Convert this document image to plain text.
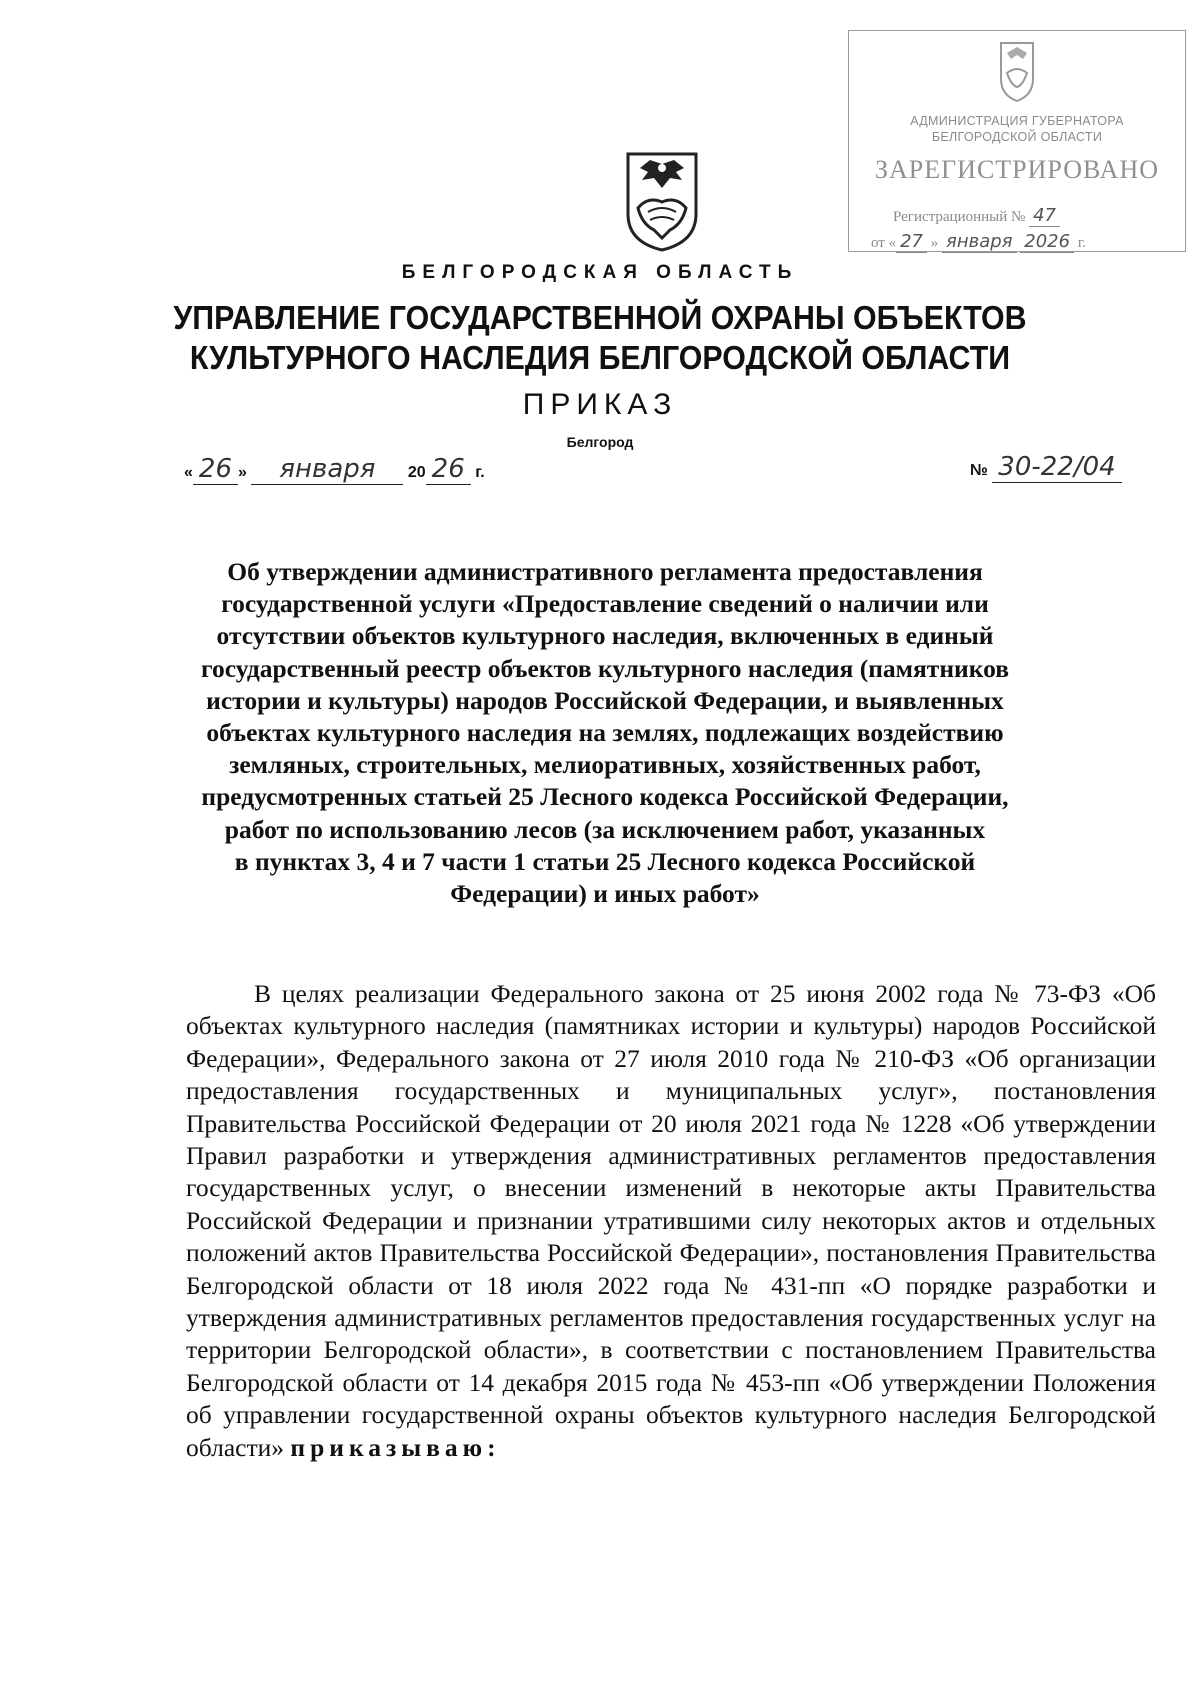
АДМИНИСТРАЦИЯ ГУБЕРНАТОРА
БЕЛГОРОДСКОЙ ОБЛАСТИ
ЗАРЕГИСТРИРОВАНО
Регистрационный № 47
от « 27 » января 2026 г.
БЕЛГОРОДСКАЯ ОБЛАСТЬ
УПРАВЛЕНИЕ ГОСУДАРСТВЕННОЙ ОХРАНЫ ОБЪЕКТОВ
КУЛЬТУРНОГО НАСЛЕДИЯ БЕЛГОРОДСКОЙ ОБЛАСТИ
ПРИКАЗ
Белгород
« 26 » января 20 26 г.	№ 30-22/04
Об утверждении административного регламента предоставления
государственной услуги «Предоставление сведений о наличии или
отсутствии объектов культурного наследия, включенных в единый
государственный реестр объектов культурного наследия (памятников
истории и культуры) народов Российской Федерации, и выявленных
объектах культурного наследия на землях, подлежащих воздействию
земляных, строительных, мелиоративных, хозяйственных работ,
предусмотренных статьей 25 Лесного кодекса Российской Федерации,
работ по использованию лесов (за исключением работ, указанных
в пунктах 3, 4 и 7 части 1 статьи 25 Лесного кодекса Российской
Федерации) и иных работ»
В целях реализации Федерального закона от 25 июня 2002 года № 73-ФЗ «Об объектах культурного наследия (памятниках истории и культуры) народов Российской Федерации», Федерального закона от 27 июля 2010 года № 210-ФЗ «Об организации предоставления государственных и муниципальных услуг», постановления Правительства Российской Федерации от 20 июля 2021 года № 1228 «Об утверждении Правил разработки и утверждения административных регламентов предоставления государственных услуг, о внесении изменений в некоторые акты Правительства Российской Федерации и признании утратившими силу некоторых актов и отдельных положений актов Правительства Российской Федерации», постановления Правительства Белгородской области от 18 июля 2022 года № 431-пп «О порядке разработки и утверждения административных регламентов предоставления государственных услуг на территории Белгородской области», в соответствии с постановлением Правительства Белгородской области от 14 декабря 2015 года № 453-пп «Об утверждении Положения об управлении государственной охраны объектов культурного наследия Белгородской области» приказываю:
